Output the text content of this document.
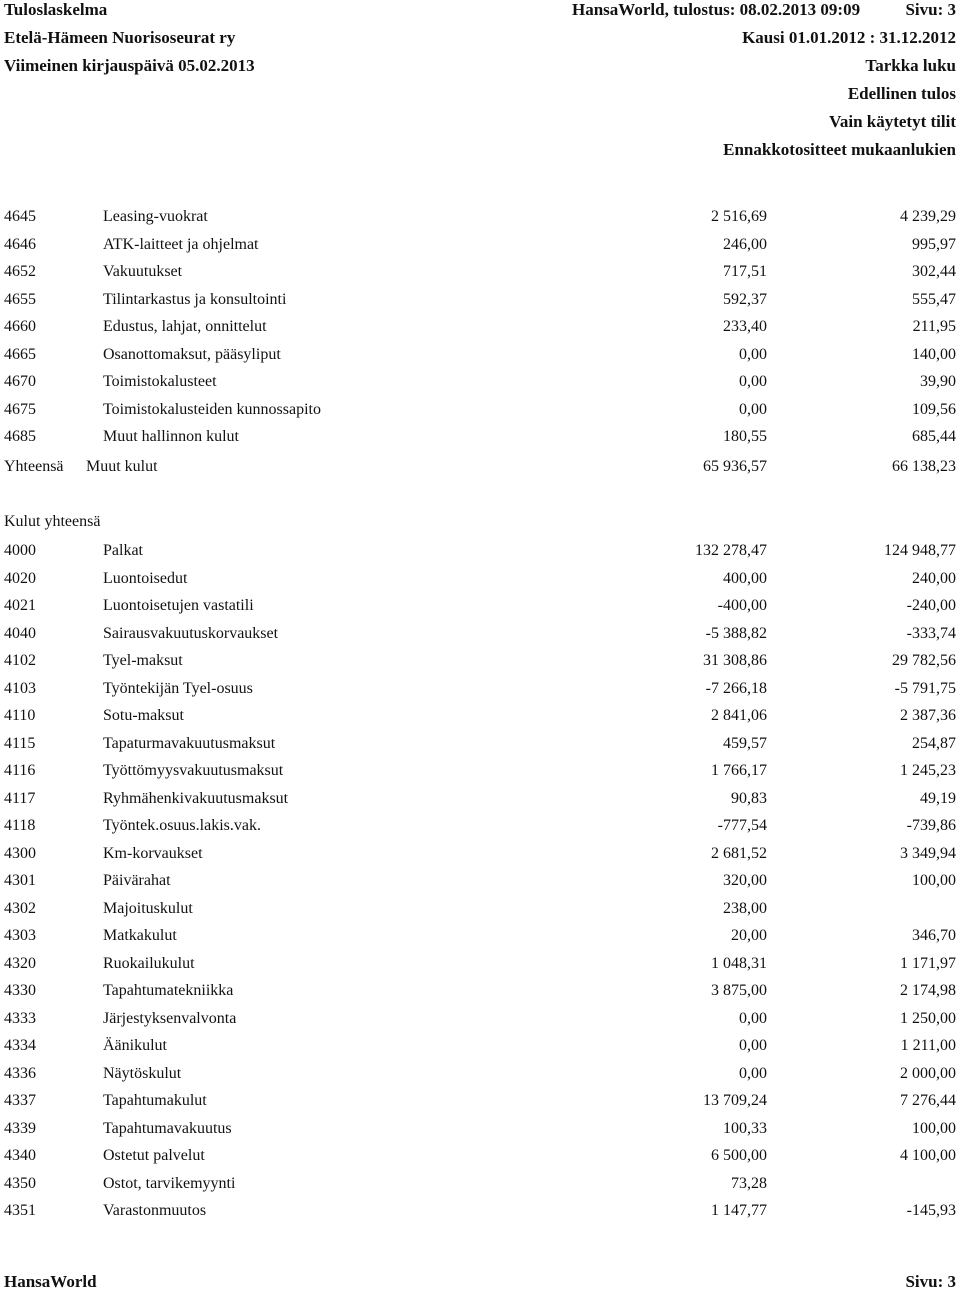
Tuloslaskelma
Etelä-Hämeen Nuorisoseurat ry
Viimeinen kirjauspäivä 05.02.2013
HansaWorld, tulostus: 08.02.2013 09:09	Sivu: 3
Kausi 01.01.2012 : 31.12.2012
Tarkka luku
Edellinen tulos
Vain käytetyt tilit
Ennakkotositteet mukaanlukien
4645	Leasing-vuokrat	2 516,69	4 239,29
4646	ATK-laitteet ja ohjelmat	246,00	995,97
4652	Vakuutukset	717,51	302,44
4655	Tilintarkastus ja konsultointi	592,37	555,47
4660	Edustus, lahjat, onnittelut	233,40	211,95
4665	Osanottomaksut, pääsyliput	0,00	140,00
4670	Toimistokalusteet	0,00	39,90
4675	Toimistokalusteiden kunnossapito	0,00	109,56
4685	Muut hallinnon kulut	180,55	685,44
Yhteensä Muut kulut	65 936,57	66 138,23
Kulut yhteensä
4000	Palkat	132 278,47	124 948,77
4020	Luontoisedut	400,00	240,00
4021	Luontoisetujen vastatili	-400,00	-240,00
4040	Sairausvakuutuskorvaukset	-5 388,82	-333,74
4102	Tyel-maksut	31 308,86	29 782,56
4103	Työntekijän Tyel-osuus	-7 266,18	-5 791,75
4110	Sotu-maksut	2 841,06	2 387,36
4115	Tapaturmavakuutusmaksut	459,57	254,87
4116	Työttömyysvakuutusmaksut	1 766,17	1 245,23
4117	Ryhmähenkivakuutusmaksut	90,83	49,19
4118	Työntek.osuus.lakis.vak.	-777,54	-739,86
4300	Km-korvaukset	2 681,52	3 349,94
4301	Päivärahat	320,00	100,00
4302	Majoituskulut	238,00
4303	Matkakulut	20,00	346,70
4320	Ruokailukulut	1 048,31	1 171,97
4330	Tapahtumatekniikka	3 875,00	2 174,98
4333	Järjestyksenvalvonta	0,00	1 250,00
4334	Äänikulut	0,00	1 211,00
4336	Näytöskulut	0,00	2 000,00
4337	Tapahtumakulut	13 709,24	7 276,44
4339	Tapahtumavakuutus	100,33	100,00
4340	Ostetut palvelut	6 500,00	4 100,00
4350	Ostot, tarvikemyynti	73,28
4351	Varastonmuutos	1 147,77	-145,93
HansaWorld	Sivu: 3
